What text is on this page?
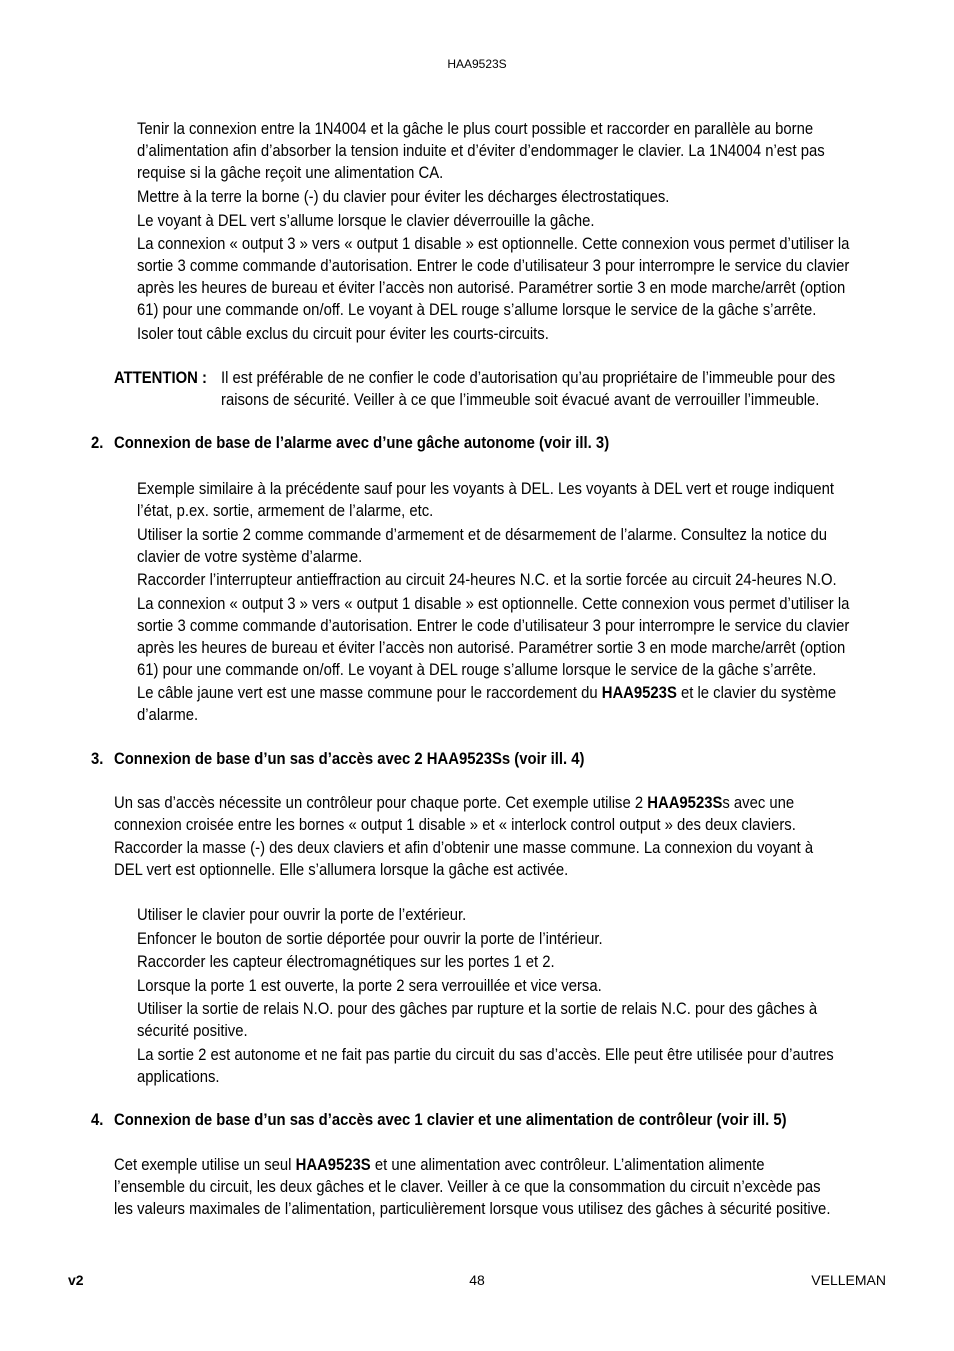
HAA9523S
Tenir la connexion entre la 1N4004 et la gâche le plus court possible et raccorder en parallèle au borne
d’alimentation afin d’absorber la tension induite et d’éviter d’endommager le clavier. La 1N4004 n’est pas
requise si la gâche reçoit une alimentation CA.
Mettre à la terre la borne (-) du clavier pour éviter les décharges électrostatiques.
Le voyant à DEL vert s’allume lorsque le clavier déverrouille la gâche.
La connexion « output 3 » vers « output 1 disable » est optionnelle. Cette connexion vous permet d’utiliser la
sortie 3 comme commande d’autorisation. Entrer le code d’utilisateur 3 pour interrompre le service du clavier
après les heures de bureau et éviter l’accès non autorisé. Paramétrer sortie 3 en mode marche/arrêt (option
61) pour une commande on/off. Le voyant à DEL rouge s’allume lorsque le service de la gâche s’arrête.
Isoler tout câble exclus du circuit pour éviter les courts-circuits.
ATTENTION : Il est préférable de ne confier le code d’autorisation qu’au propriétaire de l’immeuble pour des
raisons de sécurité. Veiller à ce que l’immeuble soit évacué avant de verrouiller l’immeuble.
2. Connexion de base de l’alarme avec d’une gâche autonome (voir ill. 3)
Exemple similaire à la précédente sauf pour les voyants à DEL. Les voyants à DEL vert et rouge indiquent
l’état, p.ex. sortie, armement de l’alarme, etc.
Utiliser la sortie 2 comme commande d’armement et de désarmement de l’alarme. Consultez la notice du
clavier de votre système d’alarme.
Raccorder l’interrupteur antieffraction au circuit 24-heures N.C. et la sortie forcée au circuit 24-heures N.O.
La connexion « output 3 » vers « output 1 disable » est optionnelle. Cette connexion vous permet d’utiliser la
sortie 3 comme commande d’autorisation. Entrer le code d’utilisateur 3 pour interrompre le service du clavier
après les heures de bureau et éviter l’accès non autorisé. Paramétrer sortie 3 en mode marche/arrêt (option
61) pour une commande on/off. Le voyant à DEL rouge s’allume lorsque le service de la gâche s’arrête.
Le câble jaune vert est une masse commune pour le raccordement du HAA9523S et le clavier du système
d’alarme.
3. Connexion de base d’un sas d’accès avec 2 HAA9523Ss (voir ill. 4)
Un sas d’accès nécessite un contrôleur pour chaque porte. Cet exemple utilise 2 HAA9523Ss avec une
connexion croisée entre les bornes « output 1 disable » et « interlock control output » des deux claviers.
Raccorder la masse (-) des deux claviers et afin d’obtenir une masse commune. La connexion du voyant à
DEL vert est optionnelle. Elle s’allumera lorsque la gâche est activée.
Utiliser le clavier pour ouvrir la porte de l’extérieur.
Enfoncer le bouton de sortie déportée pour ouvrir la porte de l’intérieur.
Raccorder les capteur électromagnétiques sur les portes 1 et 2.
Lorsque la porte 1 est ouverte, la porte 2 sera verrouillée et vice versa.
Utiliser la sortie de relais N.O. pour des gâches par rupture et la sortie de relais N.C. pour des gâches à
sécurité positive.
La sortie 2 est autonome et ne fait pas partie du circuit du sas d’accès. Elle peut être utilisée pour d’autres
applications.
4. Connexion de base d’un sas d’accès avec 1 clavier et une alimentation de contrôleur (voir ill. 5)
Cet exemple utilise un seul HAA9523S et une alimentation avec contrôleur. L’alimentation alimente
l’ensemble du circuit, les deux gâches et le claver. Veiller à ce que la consommation du circuit n’excède pas
les valeurs maximales de l’alimentation, particulièrement lorsque vous utilisez des gâches à sécurité positive.
v2	48	VELLEMAN
